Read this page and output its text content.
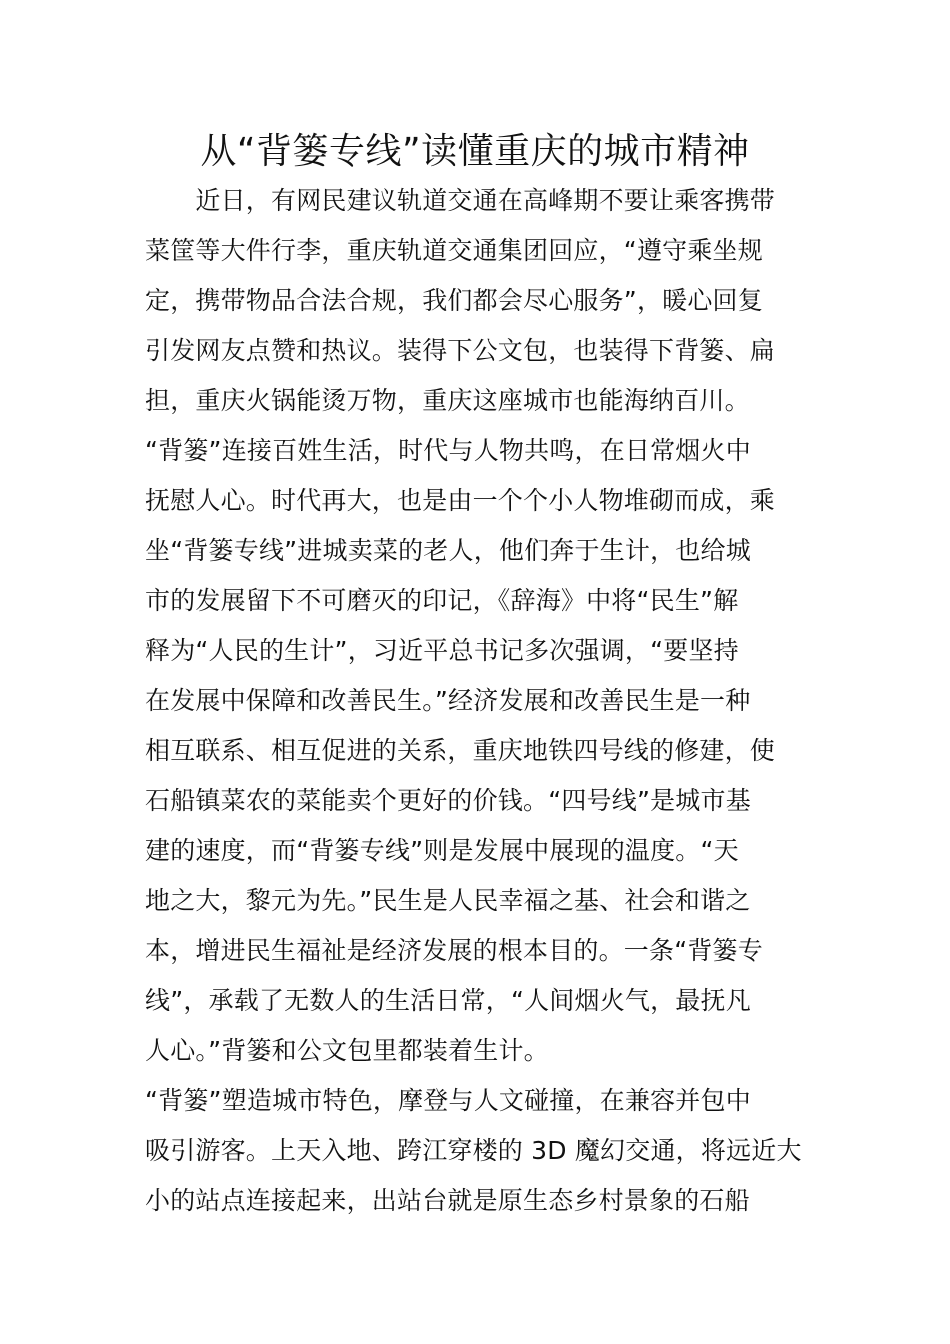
从“背篓专线”读懂重庆的城市精神
　　近日，有网民建议轨道交通在高峰期不要让乘客携带
菜筐等大件行李，重庆轨道交通集团回应，“遵守乘坐规
定，携带物品合法合规，我们都会尽心服务”，暖心回复
引发网友点赞和热议。装得下公文包，也装得下背篓、扁
担，重庆火锅能烫万物，重庆这座城市也能海纳百川。
“背篓”连接百姓生活，时代与人物共鸣，在日常烟火中
抚慰人心。时代再大，也是由一个个小人物堆砌而成，乘
坐“背篓专线”进城卖菜的老人，他们奔于生计，也给城
市的发展留下不可磨灭的印记，《辞海》中将“民生”解
释为“人民的生计”，习近平总书记多次强调，“要坚持
在发展中保障和改善民生。”经济发展和改善民生是一种
相互联系、相互促进的关系，重庆地铁四号线的修建，使
石船镇菜农的菜能卖个更好的价钱。“四号线”是城市基
建的速度，而“背篓专线”则是发展中展现的温度。“天
地之大，黎元为先。”民生是人民幸福之基、社会和谐之
本，增进民生福祉是经济发展的根本目的。一条“背篓专
线”，承载了无数人的生活日常，“人间烟火气，最抚凡
人心。”背篓和公文包里都装着生计。
“背篓”塑造城市特色，摩登与人文碰撞，在兼容并包中
吸引游客。上天入地、跨江穿楼的 3D 魔幻交通，将远近大
小的站点连接起来，出站台就是原生态乡村景象的石船
